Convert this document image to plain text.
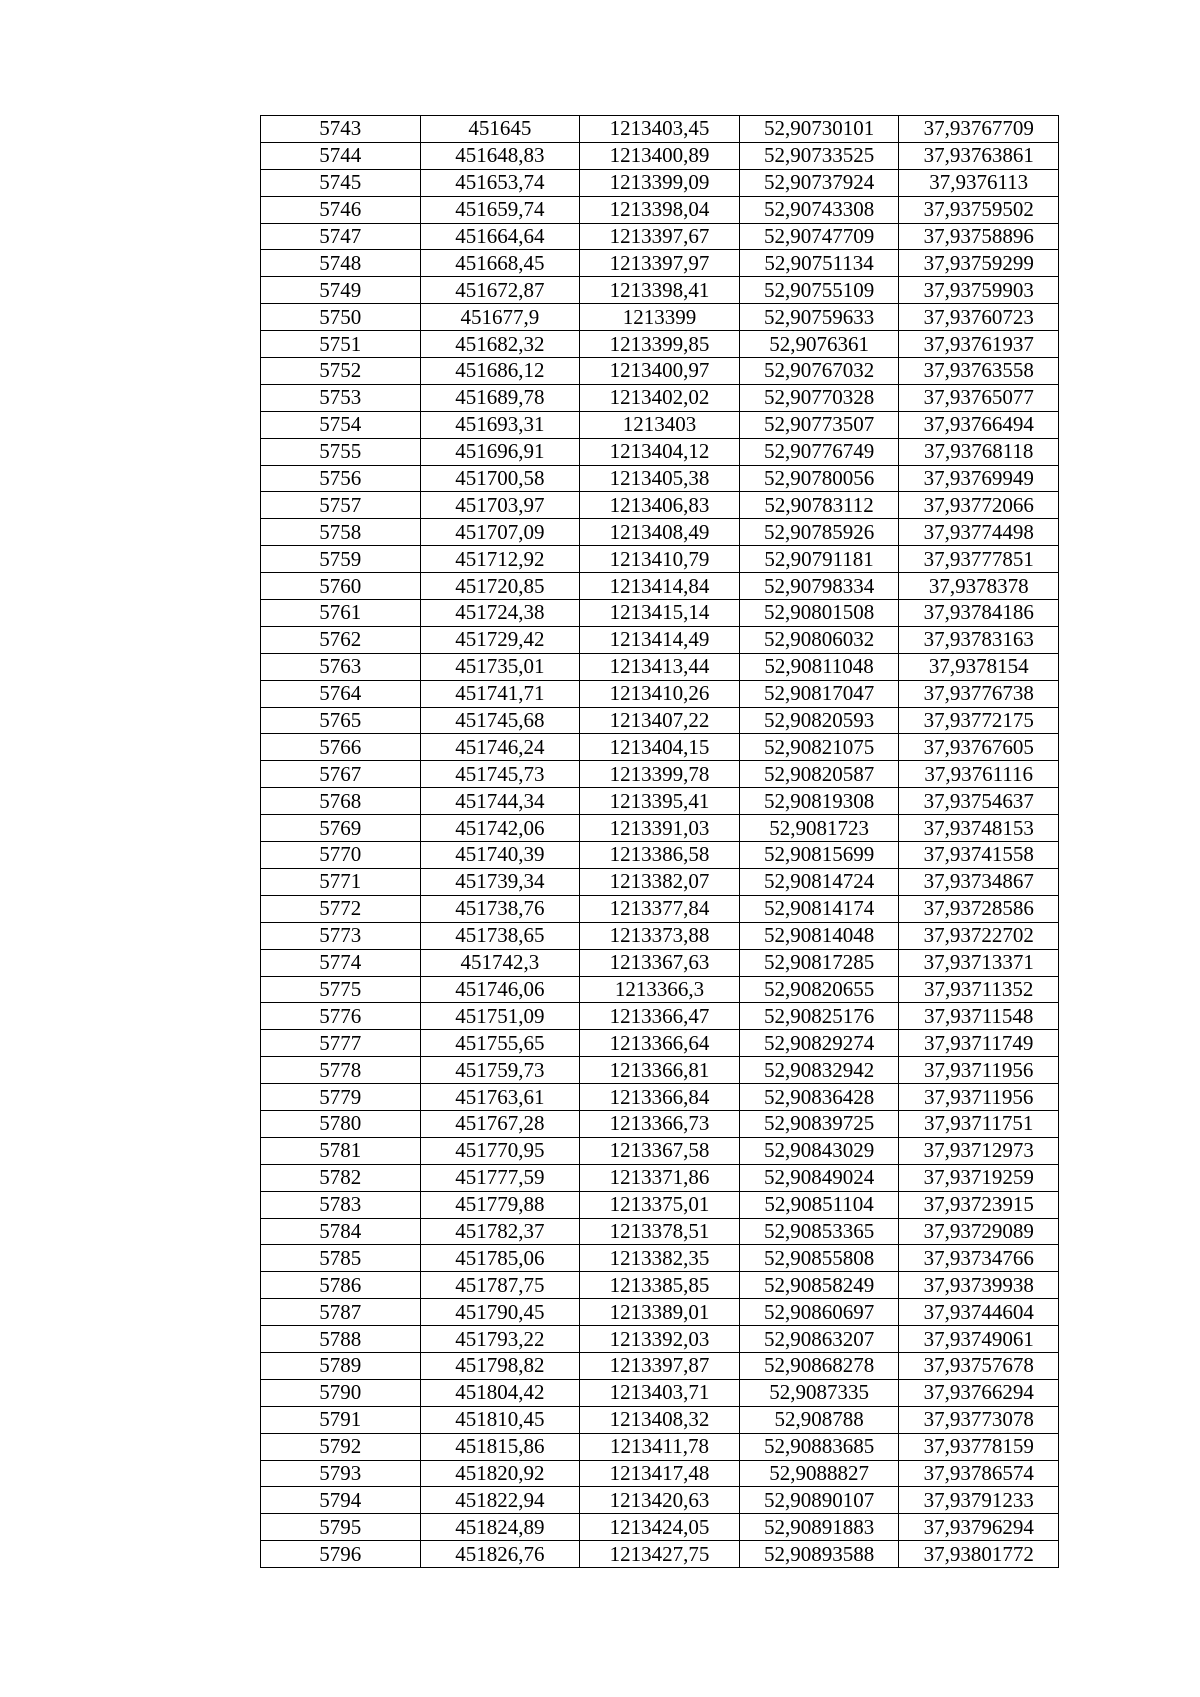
5743	451645	1213403,45	52,90730101	37,93767709
5744	451648,83	1213400,89	52,90733525	37,93763861
5745	451653,74	1213399,09	52,90737924	37,9376113
5746	451659,74	1213398,04	52,90743308	37,93759502
5747	451664,64	1213397,67	52,90747709	37,93758896
5748	451668,45	1213397,97	52,90751134	37,93759299
5749	451672,87	1213398,41	52,90755109	37,93759903
5750	451677,9	1213399	52,90759633	37,93760723
5751	451682,32	1213399,85	52,9076361	37,93761937
5752	451686,12	1213400,97	52,90767032	37,93763558
5753	451689,78	1213402,02	52,90770328	37,93765077
5754	451693,31	1213403	52,90773507	37,93766494
5755	451696,91	1213404,12	52,90776749	37,93768118
5756	451700,58	1213405,38	52,90780056	37,93769949
5757	451703,97	1213406,83	52,90783112	37,93772066
5758	451707,09	1213408,49	52,90785926	37,93774498
5759	451712,92	1213410,79	52,90791181	37,93777851
5760	451720,85	1213414,84	52,90798334	37,9378378
5761	451724,38	1213415,14	52,90801508	37,93784186
5762	451729,42	1213414,49	52,90806032	37,93783163
5763	451735,01	1213413,44	52,90811048	37,9378154
5764	451741,71	1213410,26	52,90817047	37,93776738
5765	451745,68	1213407,22	52,90820593	37,93772175
5766	451746,24	1213404,15	52,90821075	37,93767605
5767	451745,73	1213399,78	52,90820587	37,93761116
5768	451744,34	1213395,41	52,90819308	37,93754637
5769	451742,06	1213391,03	52,9081723	37,93748153
5770	451740,39	1213386,58	52,90815699	37,93741558
5771	451739,34	1213382,07	52,90814724	37,93734867
5772	451738,76	1213377,84	52,90814174	37,93728586
5773	451738,65	1213373,88	52,90814048	37,93722702
5774	451742,3	1213367,63	52,90817285	37,93713371
5775	451746,06	1213366,3	52,90820655	37,93711352
5776	451751,09	1213366,47	52,90825176	37,93711548
5777	451755,65	1213366,64	52,90829274	37,93711749
5778	451759,73	1213366,81	52,90832942	37,93711956
5779	451763,61	1213366,84	52,90836428	37,93711956
5780	451767,28	1213366,73	52,90839725	37,93711751
5781	451770,95	1213367,58	52,90843029	37,93712973
5782	451777,59	1213371,86	52,90849024	37,93719259
5783	451779,88	1213375,01	52,90851104	37,93723915
5784	451782,37	1213378,51	52,90853365	37,93729089
5785	451785,06	1213382,35	52,90855808	37,93734766
5786	451787,75	1213385,85	52,90858249	37,93739938
5787	451790,45	1213389,01	52,90860697	37,93744604
5788	451793,22	1213392,03	52,90863207	37,93749061
5789	451798,82	1213397,87	52,90868278	37,93757678
5790	451804,42	1213403,71	52,9087335	37,93766294
5791	451810,45	1213408,32	52,908788	37,93773078
5792	451815,86	1213411,78	52,90883685	37,93778159
5793	451820,92	1213417,48	52,9088827	37,93786574
5794	451822,94	1213420,63	52,90890107	37,93791233
5795	451824,89	1213424,05	52,90891883	37,93796294
5796	451826,76	1213427,75	52,90893588	37,93801772
